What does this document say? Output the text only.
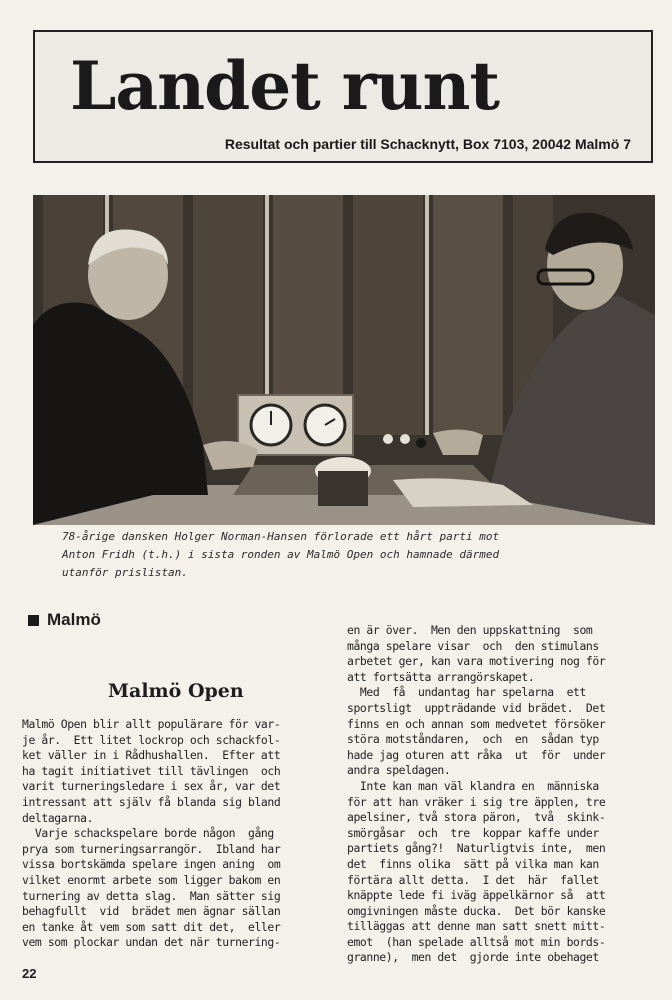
Landet runt
Resultat och partier till Schacknytt, Box 7103, 20042 Malmö 7
78-årige dansken Holger Norman-Hansen förlorade ett hårt parti mot
Anton Fridh (t.h.) i sista ronden av Malmö Open och hamnade därmed
utanför prislistan.
Malmö
Malmö Open
Malmö Open blir allt populärare för var-
je år.  Ett litet lockrop och schackfol-
ket väller in i Rådhushallen.  Efter att
ha tagit initiativet till tävlingen  och
varit turneringsledare i sex år, var det
intressant att själv få blanda sig bland
deltagarna.
Varje schackspelare borde någon  gång
prya som turneringsarrangör.  Ibland har
vissa bortskämda spelare ingen aning  om
vilket enormt arbete som ligger bakom en
turnering av detta slag.  Man sätter sig
behagfullt  vid  brädet men ägnar sällan
en tanke åt vem som satt dit det,  eller
vem som plockar undan det när turnering-

en är över.  Men den uppskattning  som
många spelare visar  och  den stimulans
arbetet ger, kan vara motivering nog för
att fortsätta arrangörskapet.
Med  få  undantag har spelarna  ett
sportsligt  uppträdande vid brädet.  Det
finns en och annan som medvetet försöker
störa motståndaren,  och  en  sådan typ
hade jag oturen att råka  ut  för  under
andra speldagen.
Inte kan man väl klandra en  människa
för att han vräker i sig tre äpplen, tre
apelsiner, två stora päron,  två  skink-
smörgåsar  och  tre  koppar kaffe under
partiets gång?!  Naturligtvis inte,  men
det  finns olika  sätt på vilka man kan
förtära allt detta.  I det  här  fallet
knäppte lede fi iväg äppelkärnor så  att
omgivningen måste ducka.  Det bör kanske
tilläggas att denne man satt snett mitt-
emot  (han spelade alltså mot min bords-
granne),  men det  gjorde inte obehaget

22
